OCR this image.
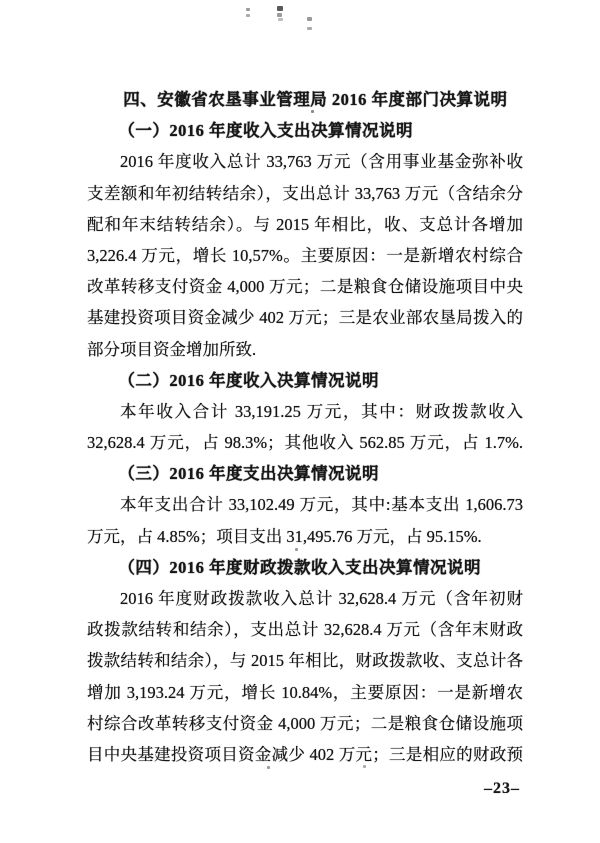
四、安徽省农垦事业管理局 2016 年度部门决算说明
（一）2016 年度收入支出决算情况说明
2016 年度收入总计 33,763 万元（含用事业基金弥补收
支差额和年初结转结余），支出总计 33,763 万元（含结余分
配和年末结转结余）。与 2015 年相比，收、支总计各增加
3,226.4 万元，增长 10,57%。主要原因：一是新增农村综合
改革转移支付资金 4,000 万元；二是粮食仓储设施项目中央
基建投资项目资金减少 402 万元；三是农业部农垦局拨入的
部分项目资金增加所致.
（二）2016 年度收入决算情况说明
本年收入合计 33,191.25 万元，其中：财政拨款收入
32,628.4 万元，占 98.3%；其他收入 562.85 万元，占 1.7%.
（三）2016 年度支出决算情况说明
本年支出合计 33,102.49 万元，其中:基本支出 1,606.73
万元，占 4.85%；项目支出 31,495.76 万元，占 95.15%.
（四）2016 年度财政拨款收入支出决算情况说明
2016 年度财政拨款收入总计 32,628.4 万元（含年初财
政拨款结转和结余），支出总计 32,628.4 万元（含年末财政
拨款结转和结余），与 2015 年相比，财政拨款收、支总计各
增加 3,193.24 万元，增长 10.84%，主要原因：一是新增农
村综合改革转移支付资金 4,000 万元；二是粮食仓储设施项
目中央基建投资项目资金减少 402 万元；三是相应的财政预
–23–
